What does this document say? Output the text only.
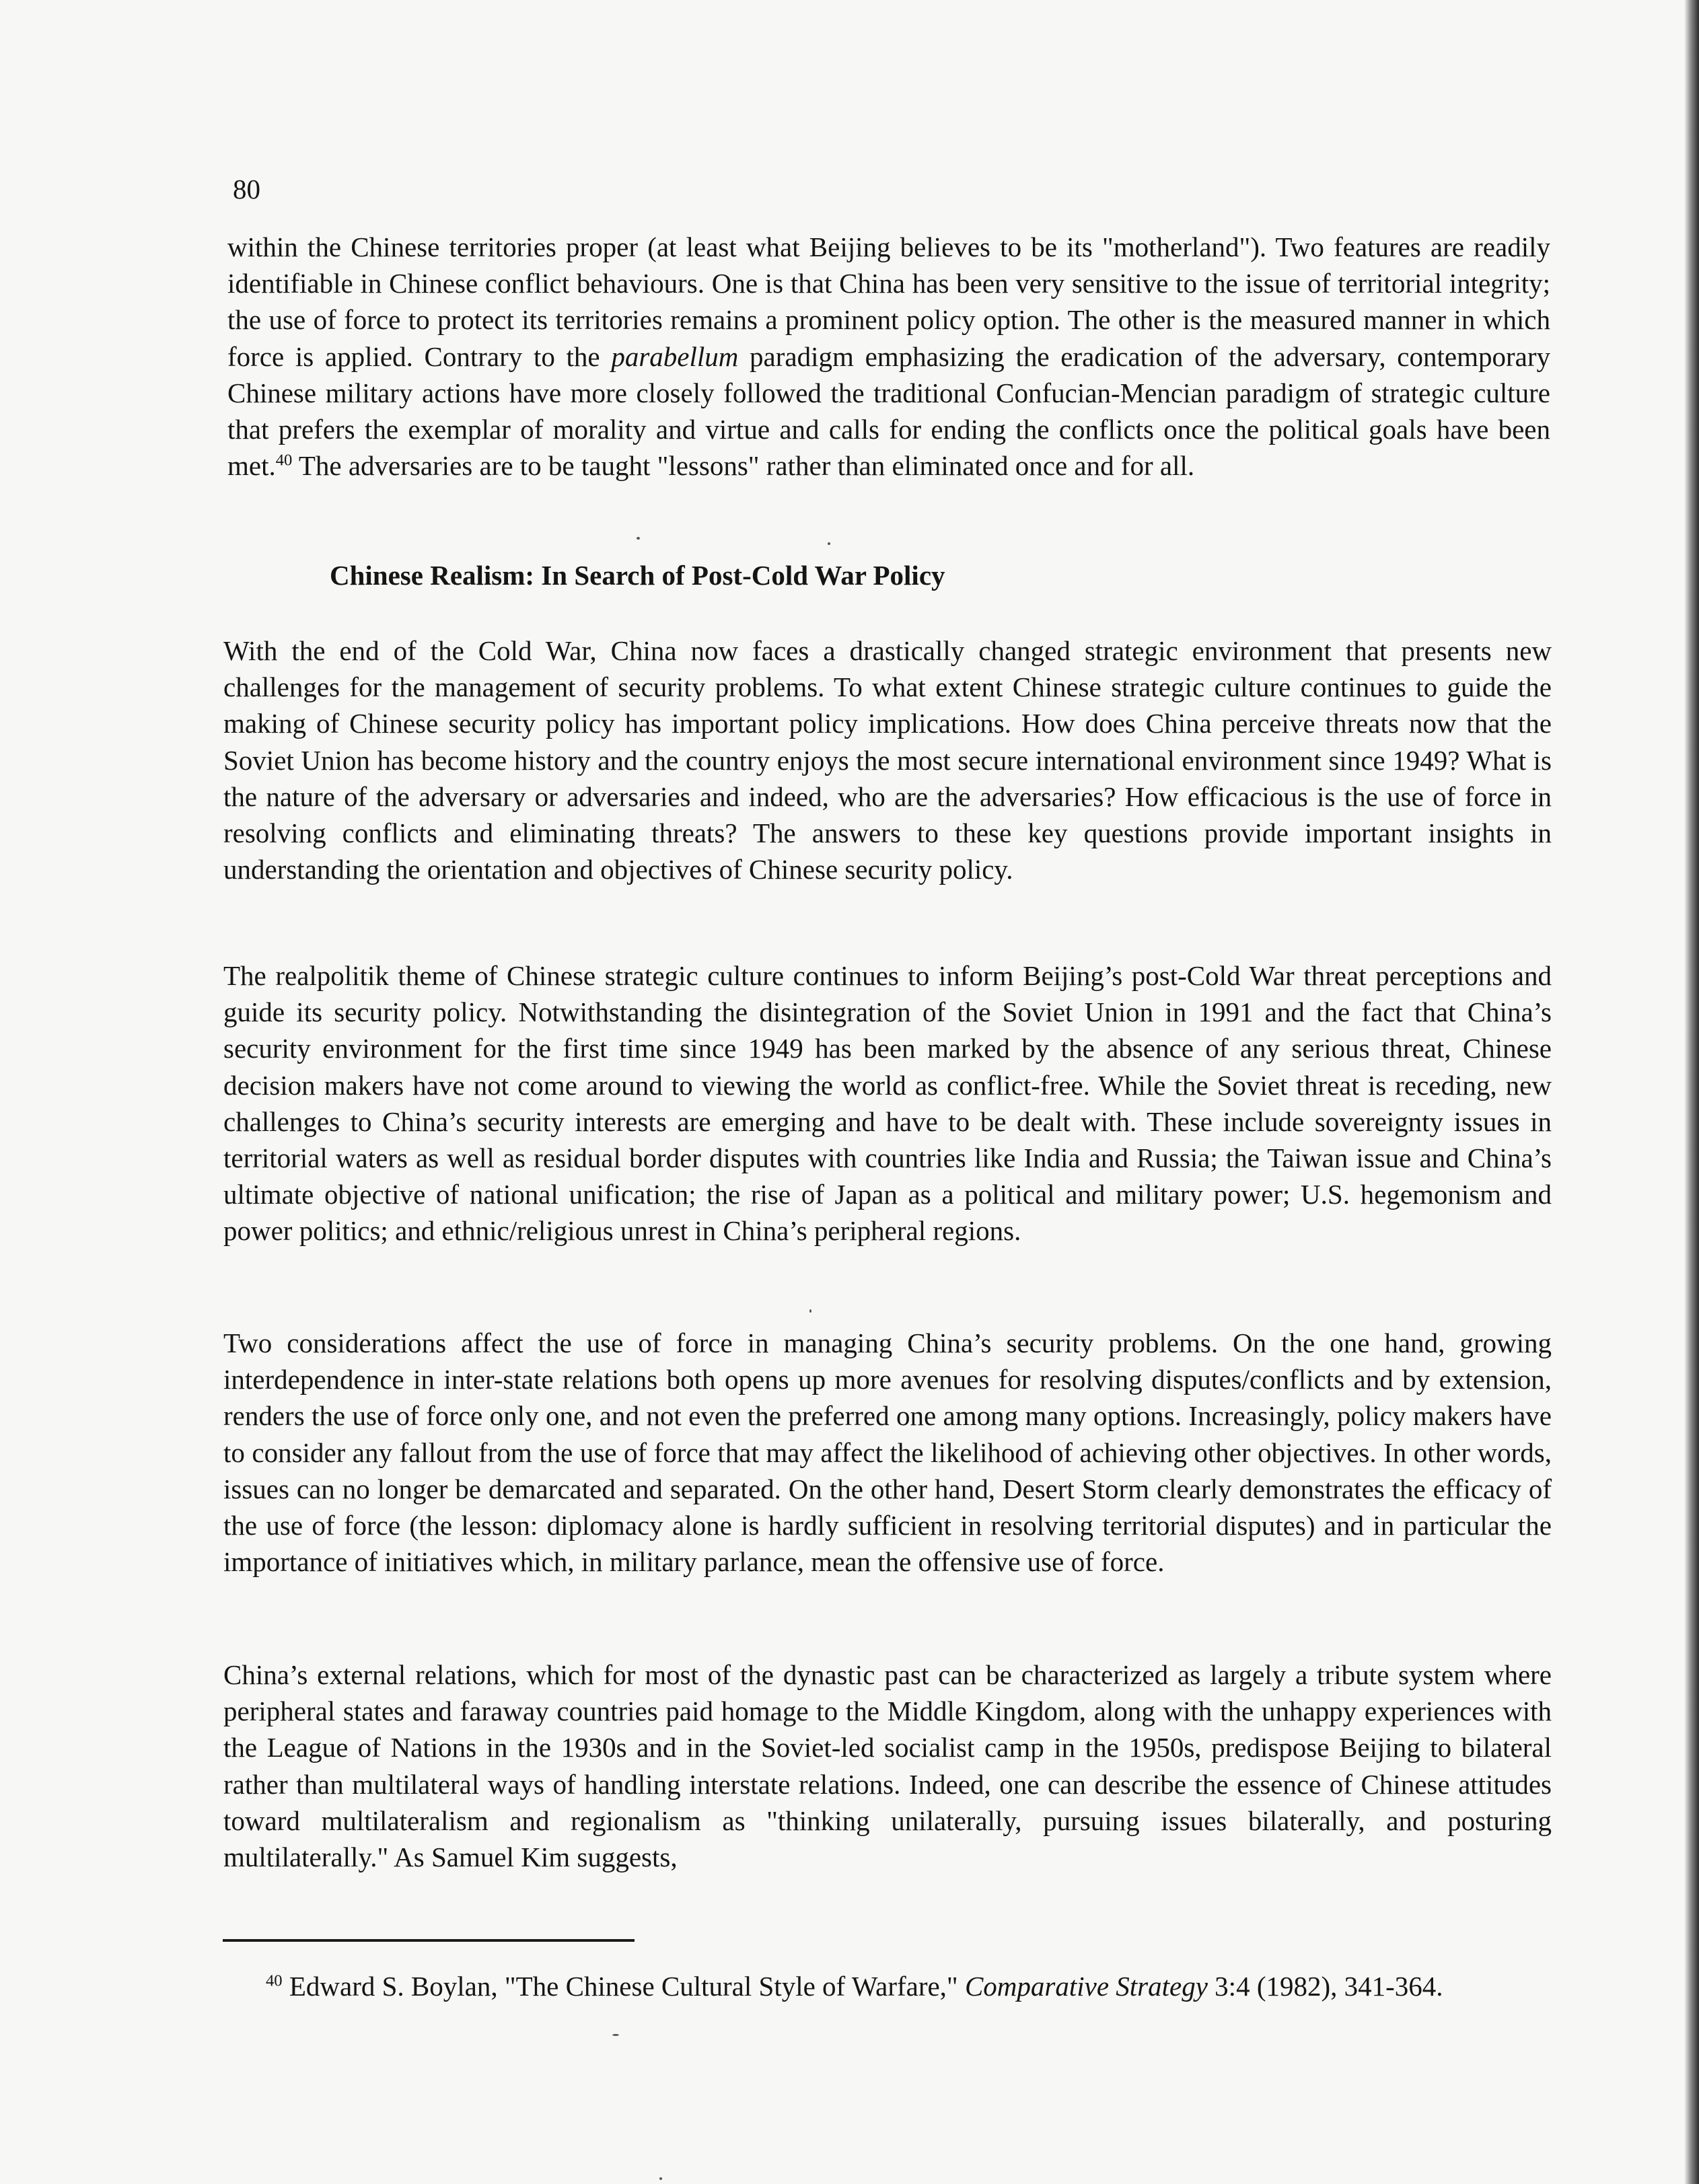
80
within the Chinese territories proper (at least what Beijing believes to be its "motherland"). Two features are readily identifiable in Chinese conflict behaviours. One is that China has been very sensitive to the issue of territorial integrity; the use of force to protect its territories remains a prominent policy option. The other is the measured manner in which force is applied. Contrary to the parabellum paradigm emphasizing the eradication of the adversary, contemporary Chinese military actions have more closely followed the traditional Confucian-Mencian paradigm of strategic culture that prefers the exemplar of morality and virtue and calls for ending the conflicts once the political goals have been met.$^{40}$ The adversaries are to be taught "lessons" rather than eliminated once and for all.
Chinese Realism: In Search of Post-Cold War Policy
With the end of the Cold War, China now faces a drastically changed strategic environment that presents new challenges for the management of security problems. To what extent Chinese strategic culture continues to guide the making of Chinese security policy has important policy implications. How does China perceive threats now that the Soviet Union has become history and the country enjoys the most secure international environment since 1949? What is the nature of the adversary or adversaries and indeed, who are the adversaries? How efficacious is the use of force in resolving conflicts and eliminating threats? The answers to these key questions provide important insights in understanding the orientation and objectives of Chinese security policy.
The realpolitik theme of Chinese strategic culture continues to inform Beijing’s post-Cold War threat perceptions and guide its security policy. Notwithstanding the disintegration of the Soviet Union in 1991 and the fact that China’s security environment for the first time since 1949 has been marked by the absence of any serious threat, Chinese decision makers have not come around to viewing the world as conflict-free. While the Soviet threat is receding, new challenges to China’s security interests are emerging and have to be dealt with. These include sovereignty issues in territorial waters as well as residual border disputes with countries like India and Russia; the Taiwan issue and China’s ultimate objective of national unification; the rise of Japan as a political and military power; U.S. hegemonism and power politics; and ethnic/religious unrest in China’s peripheral regions.
Two considerations affect the use of force in managing China’s security problems. On the one hand, growing interdependence in inter-state relations both opens up more avenues for resolving disputes/conflicts and by extension, renders the use of force only one, and not even the preferred one among many options. Increasingly, policy makers have to consider any fallout from the use of force that may affect the likelihood of achieving other objectives. In other words, issues can no longer be demarcated and separated. On the other hand, Desert Storm clearly demonstrates the efficacy of the use of force (the lesson: diplomacy alone is hardly sufficient in resolving territorial disputes) and in particular the importance of initiatives which, in military parlance, mean the offensive use of force.
China’s external relations, which for most of the dynastic past can be characterized as largely a tribute system where peripheral states and faraway countries paid homage to the Middle Kingdom, along with the unhappy experiences with the League of Nations in the 1930s and in the Soviet-led socialist camp in the 1950s, predispose Beijing to bilateral rather than multilateral ways of handling interstate relations. Indeed, one can describe the essence of Chinese attitudes toward multilateralism and regionalism as "thinking unilaterally, pursuing issues bilaterally, and posturing multilaterally." As Samuel Kim suggests,
$^{40}$ Edward S. Boylan, "The Chinese Cultural Style of Warfare," Comparative Strategy 3:4 (1982), 341-364.
